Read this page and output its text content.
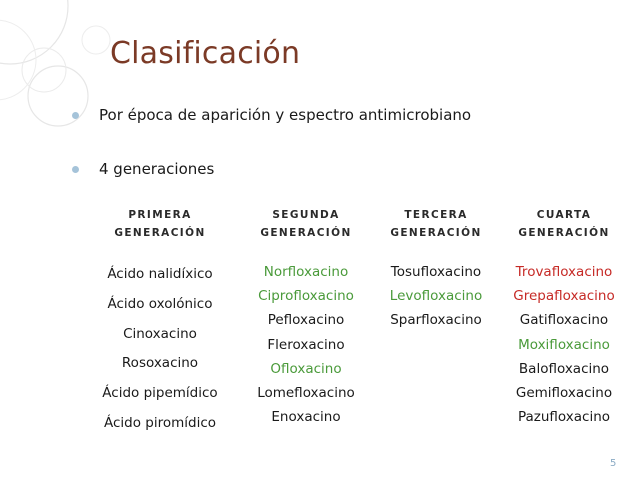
Clasificación
Por época de aparición y espectro antimicrobiano
4 generaciones
PRIMERA
GENERACIÓN
Ácido nalidíxico
Ácido oxolónico
Cinoxacino
Rosoxacino
Ácido pipemídico
Ácido piromídico
SEGUNDA
GENERACIÓN
Norfloxacino
Ciprofloxacino
Pefloxacino
Fleroxacino
Ofloxacino
Lomefloxacino
Enoxacino
TERCERA
GENERACIÓN
Tosufloxacino
Levofloxacino
Sparfloxacino
CUARTA
GENERACIÓN
Trovafloxacino
Grepafloxacino
Gatifloxacino
Moxifloxacino
Balofloxacino
Gemifloxacino
Pazufloxacino
5
